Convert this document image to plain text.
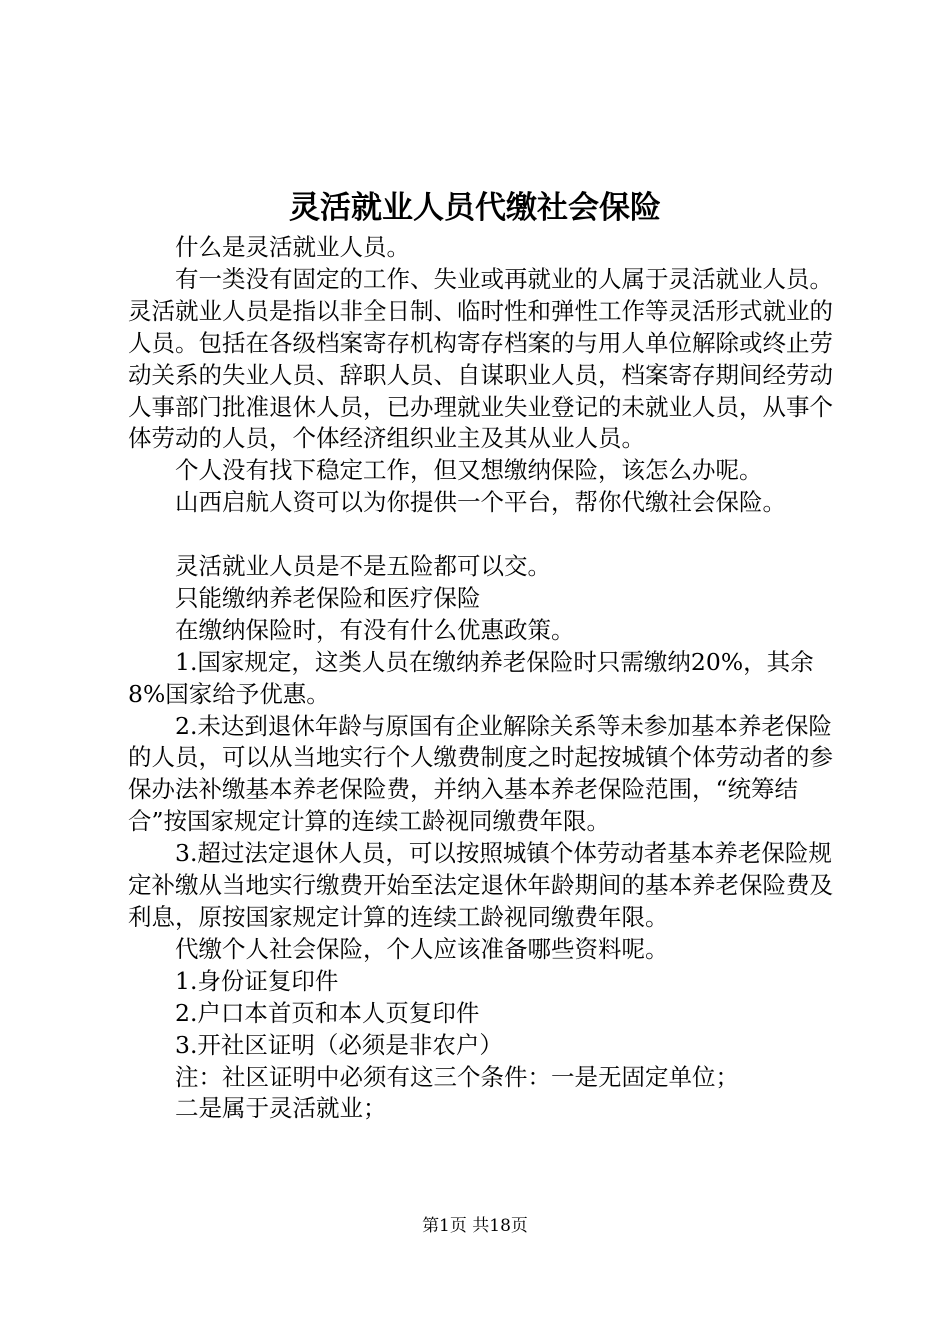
灵活就业人员代缴社会保险

什么是灵活就业人员。

有一类没有固定的工作、失业或再就业的人属于灵活就业人员。灵活就业人员是指以非全日制、临时性和弹性工作等灵活形式就业的人员。包括在各级档案寄存机构寄存档案的与用人单位解除或终止劳动关系的失业人员、辞职人员、自谋职业人员，档案寄存期间经劳动人事部门批准退休人员，已办理就业失业登记的未就业人员，从事个体劳动的人员，个体经济组织业主及其从业人员。

个人没有找下稳定工作，但又想缴纳保险，该怎么办呢。

山西启航人资可以为你提供一个平台，帮你代缴社会保险。

灵活就业人员是不是五险都可以交。

只能缴纳养老保险和医疗保险

在缴纳保险时，有没有什么优惠政策。

1.国家规定，这类人员在缴纳养老保险时只需缴纳20%，其余8%国家给予优惠。

2.未达到退休年龄与原国有企业解除关系等未参加基本养老保险的人员，可以从当地实行个人缴费制度之时起按城镇个体劳动者的参保办法补缴基本养老保险费，并纳入基本养老保险范围，“统筹结合”按国家规定计算的连续工龄视同缴费年限。

3.超过法定退休人员，可以按照城镇个体劳动者基本养老保险规定补缴从当地实行缴费开始至法定退休年龄期间的基本养老保险费及利息，原按国家规定计算的连续工龄视同缴费年限。

代缴个人社会保险，个人应该准备哪些资料呢。

1.身份证复印件

2.户口本首页和本人页复印件

3.开社区证明（必须是非农户）

注：社区证明中必须有这三个条件：一是无固定单位；

二是属于灵活就业；

第1页 共18页
